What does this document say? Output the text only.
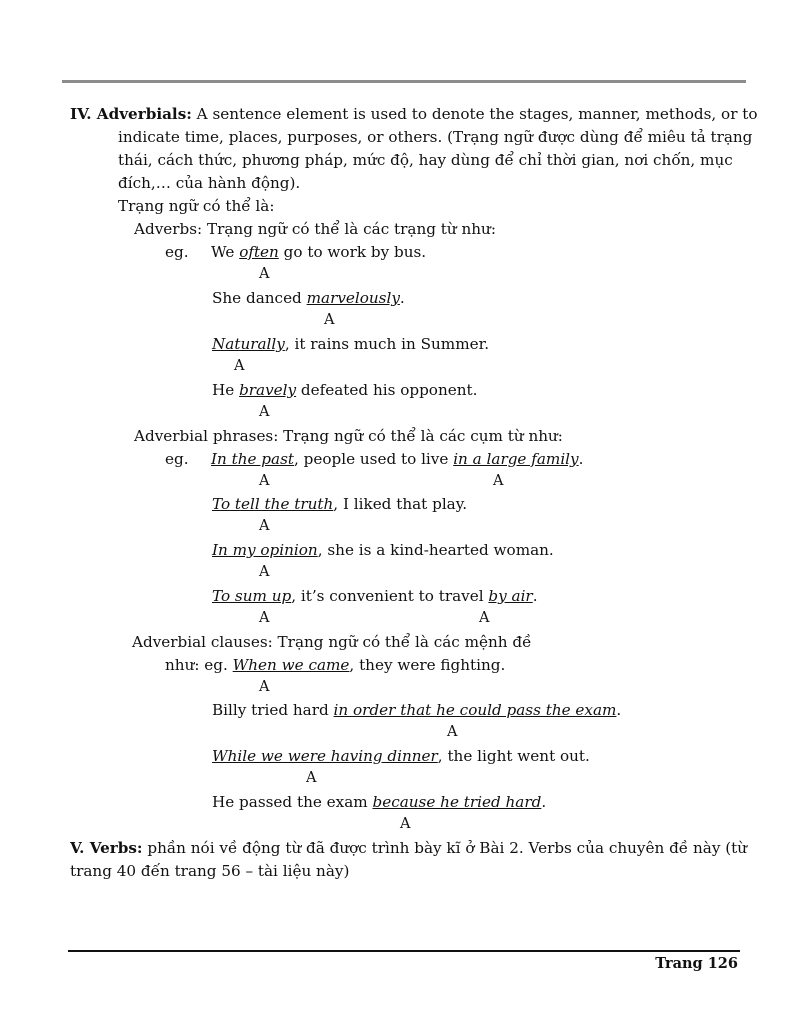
IV. Adverbials: A sentence element is used to denote the stages, manner, methods, or to
indicate time, places, purposes, or others. (Trạng ngữ được dùng để miêu tả trạng
thái, cách thức, phương pháp, mức độ, hay dùng để chỉ thời gian, nơi chốn, mục
đích,… của hành động).
Trạng ngữ có thể là:
Adverbs: Trạng ngữ có thể là các trạng từ như:
eg. We often go to work by bus.
A
She danced marvelously.
A
Naturally, it rains much in Summer.
A
He bravely defeated his opponent.
A
Adverbial phrases: Trạng ngữ có thể là các cụm từ như:
eg. In the past, people used to live in a large family.
A	A
To tell the truth, I liked that play.
A
In my opinion, she is a kind-hearted woman.
A
To sum up, it’s convenient to travel by air.
A	A
Adverbial clauses: Trạng ngữ có thể là các mệnh đề
như: eg. When we came, they were fighting.
A
Billy tried hard in order that he could pass the exam.
A
While we were having dinner, the light went out.
A
He passed the exam because he tried hard.
A
V. Verbs: phần nói về động từ đã được trình bày kĩ ở Bài 2. Verbs của chuyên đề này (từ
trang 40 đến trang 56 – tài liệu này)
Trang 126
